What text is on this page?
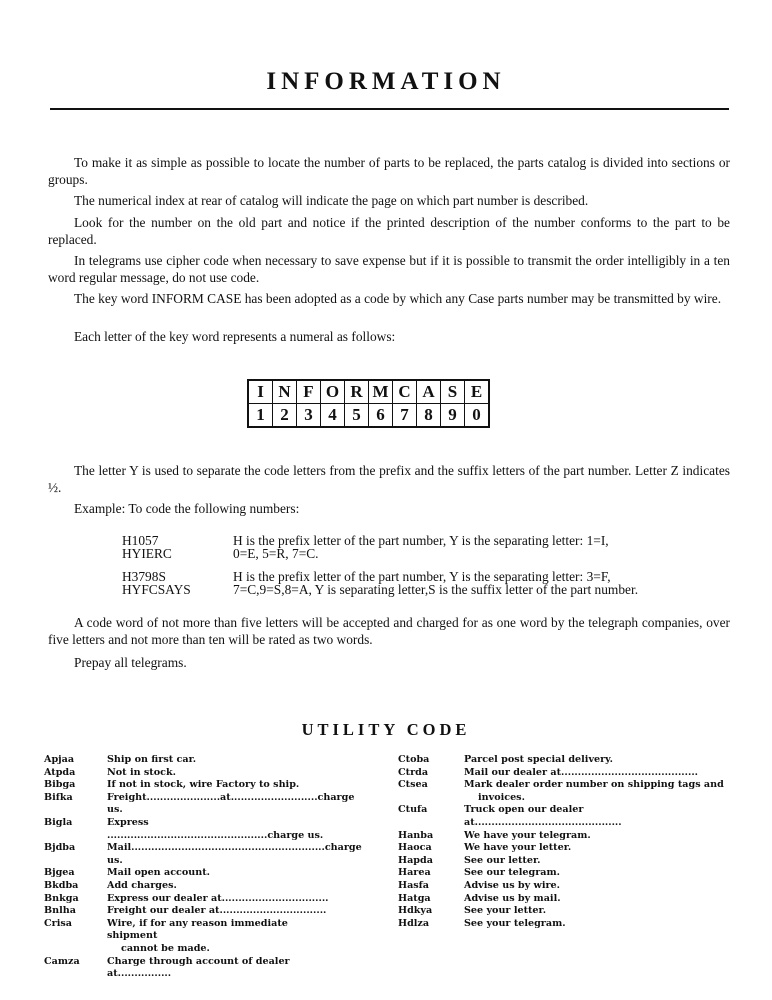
INFORMATION

To make it as simple as possible to locate the number of parts to be replaced, the parts catalog is divided into sections or groups.

The numerical index at rear of catalog will indicate the page on which part number is described.

Look for the number on the old part and notice if the printed description of the number conforms to the part to be replaced.

In telegrams use cipher code when necessary to save expense but if it is possible to transmit the order intelligibly in a ten word regular message, do not use code.

The key word INFORM CASE has been adopted as a code by which any Case parts number may be transmitted by wire.

Each letter of the key word represents a numeral as follows:

I	N	F	O	R	M	C	A	S	E
1	2	3	4	5	6	7	8	9	0

The letter Y is used to separate the code letters from the prefix and the suffix letters of the part number. Letter Z indicates ½.

Example: To code the following numbers:

H1057	H is the prefix letter of the part number, Y is the separating letter: 1=I,
HYIERC	0=E, 5=R, 7=C.
H3798S	H is the prefix letter of the part number, Y is the separating letter: 3=F,
HYFCSAYS	7=C,9=S,8=A, Y is separating letter,S is the suffix letter of the part number.

A code word of not more than five letters will be accepted and charged for as one word by the telegraph companies, over five letters and not more than ten will be rated as two words.

Prepay all telegrams.

UTILITY CODE
Apjaa	Ship on first car.
Atpda	Not in stock.
Bibga	If not in stock, wire Factory to ship.
Bifka	Freight......................at..........................charge us.
Bigla	Express ................................................charge us.
Bjdba	Mail..........................................................charge us.
Bjgea	Mail open account.
Bkdba	Add charges.
Bnkga	Express our dealer at................................
Bnlha	Freight our dealer at................................
Crisa	Wire, if for any reason immediate shipment
cannot be made.
Camza	Charge through account of dealer at................
Ctoba	Parcel post special delivery.
Ctrda	Mail our dealer at.........................................
Ctsea	Mark dealer order number on shipping tags and
invoices.
Ctufa	Truck open our dealer at............................................
Hanba	We have your telegram.
Haoca	We have your letter.
Hapda	See our letter.
Harea	See our telegram.
Hasfa	Advise us by wire.
Hatga	Advise us by mail.
Hdkya	See your letter.
Hdlza	See your telegram.
